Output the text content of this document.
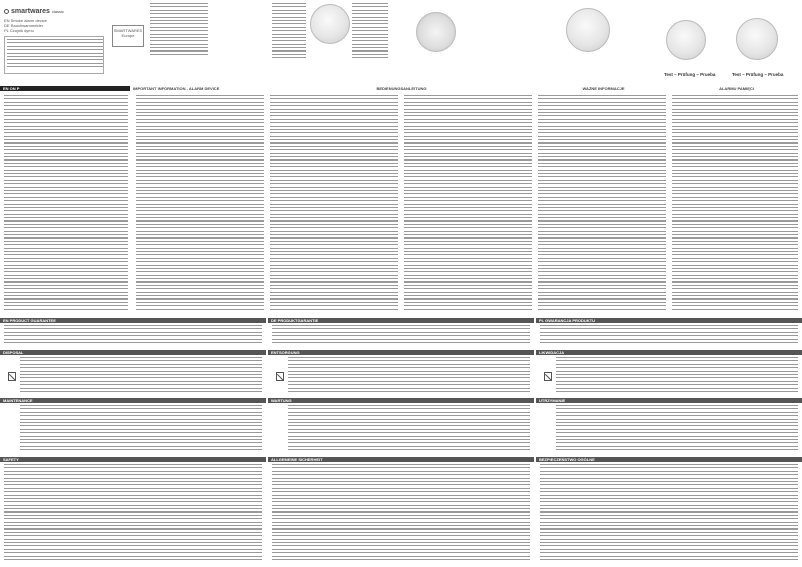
smartwares classic
EN Smoke alarm device
DE Rauchwarnmelder
PL Czujnik dymu	SMARTWARES
Europe
Test – Prüfung – Prueba	Test – Prüfung – Prueba
EN ON P	IMPORTANT INFORMATION - ALARM DEVICE	BEDIENUNGSANLEITUNG	WAŻNE INFORMACJE	ALARMU PAMIĘCI
EN PRODUCT GUARANTEE	DE PRODUKTGARANTIE	PL GWARANCJA PRODUKTU
DISPOSAL	ENTSORGUNG	LIKWIDACJA
MAINTENANCE	WARTUNG	UTRZYMANIE
SAFETY	ALLGEMEINE SICHERHEIT	BEZPIECZEŃSTWO OGÓLNE
